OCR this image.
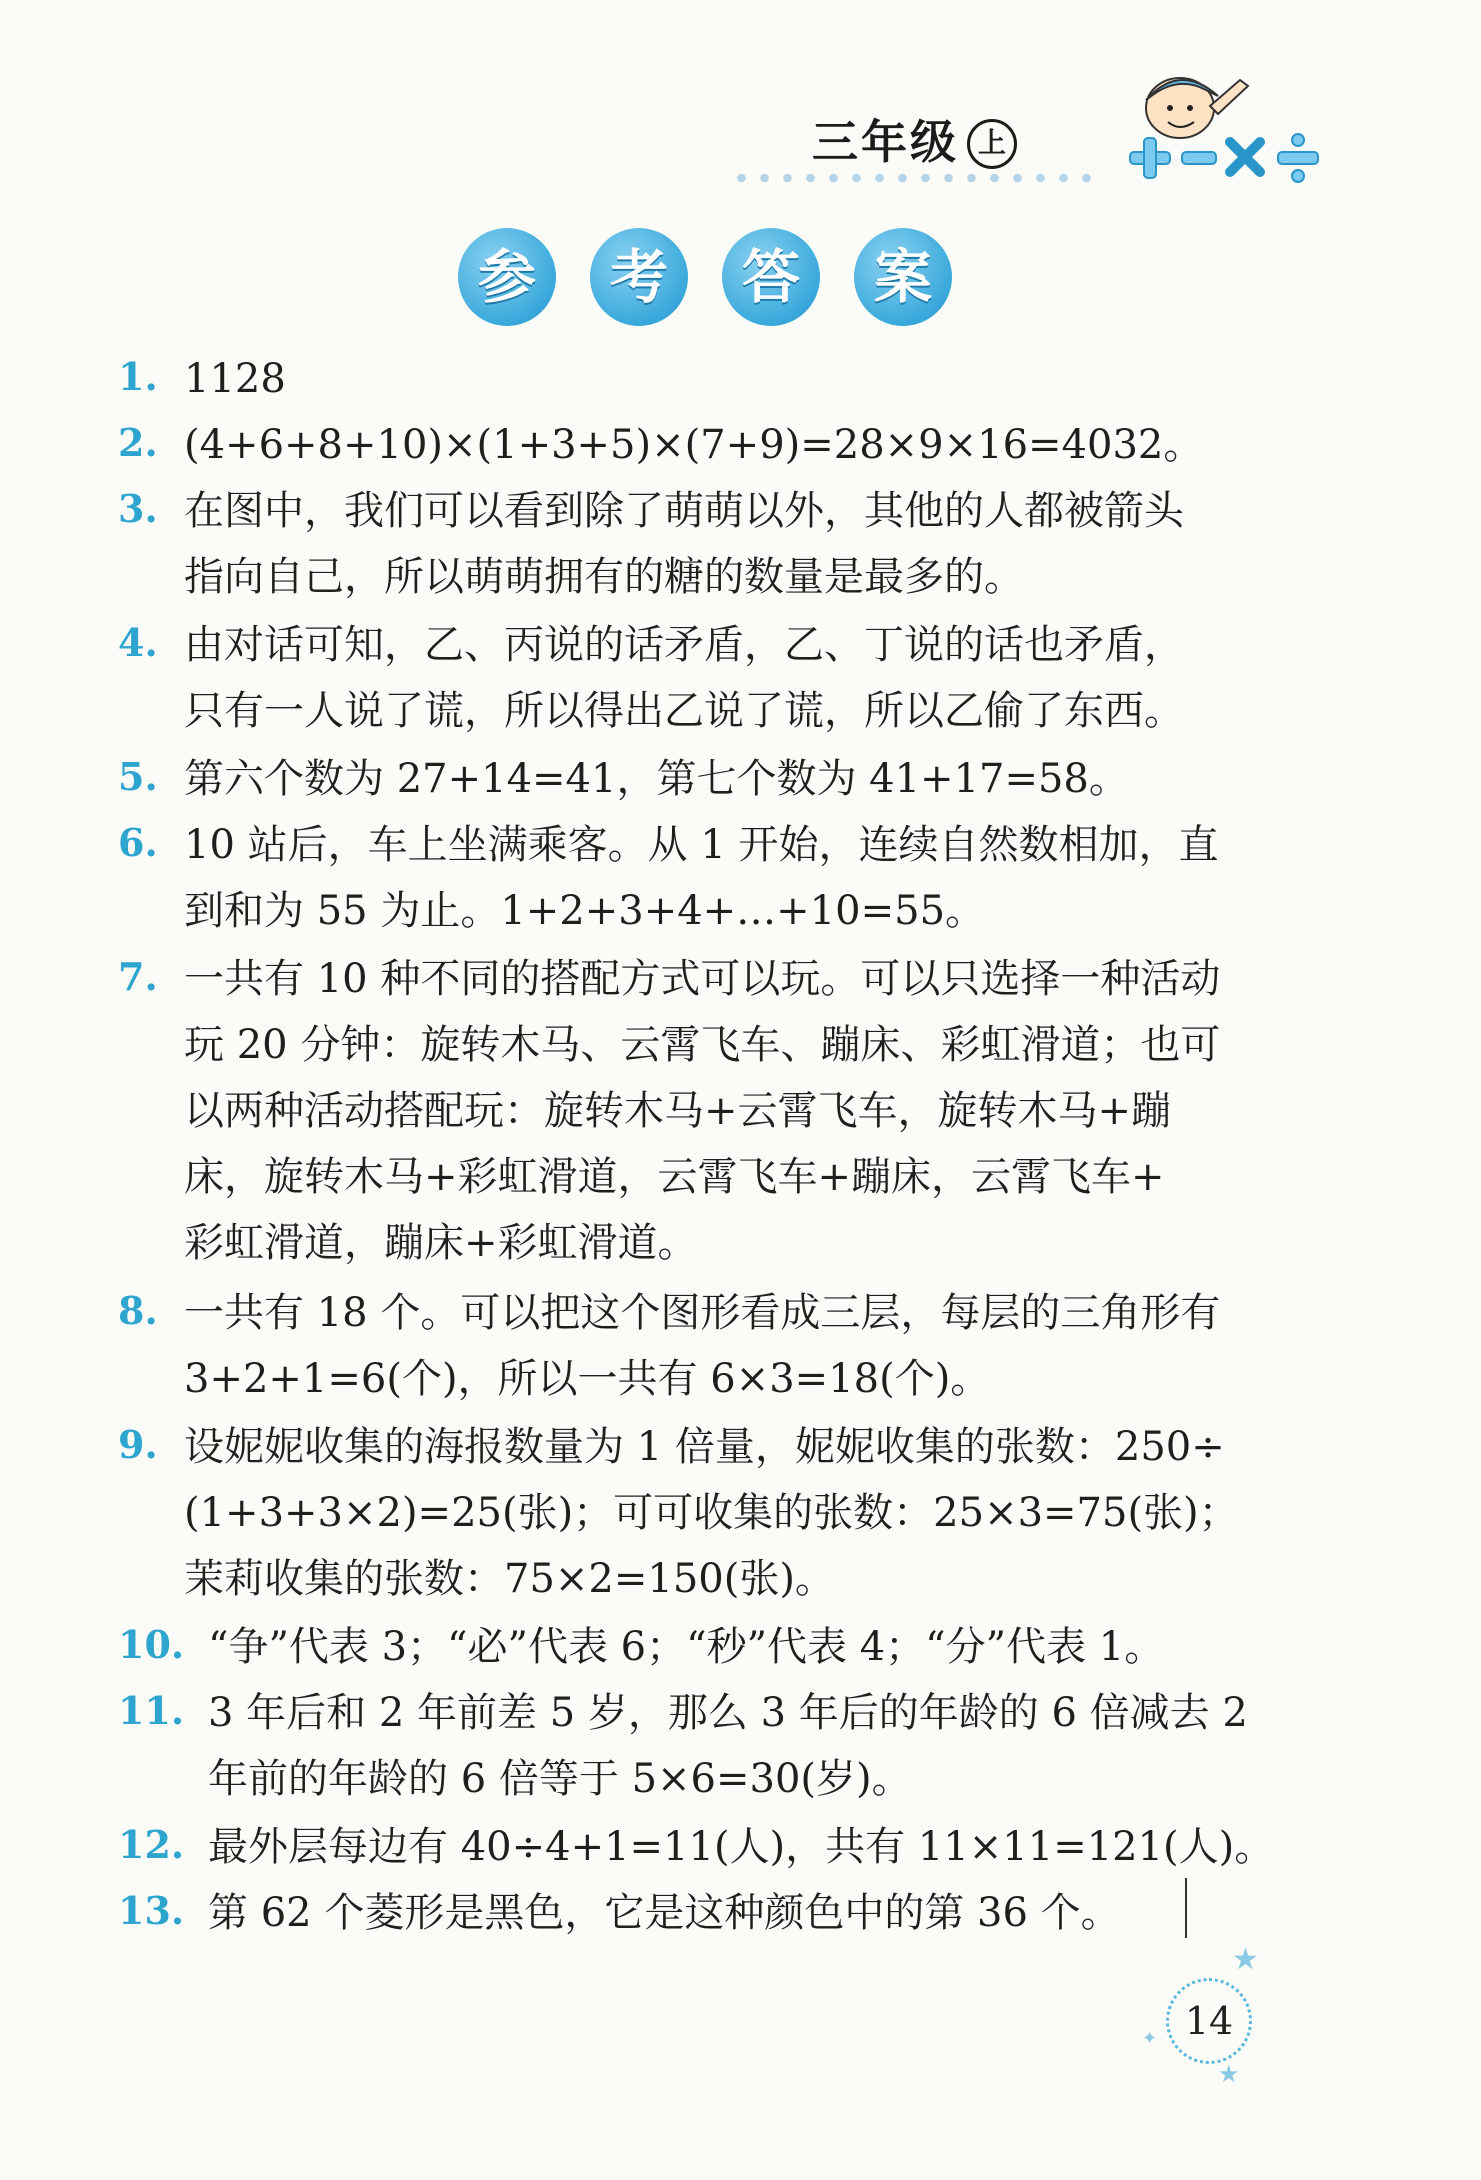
三年级 上
参	考	答	案
1. 1128
2. (4+6+8+10)×(1+3+5)×(7+9)=28×9×16=4032。
3. 在图中，我们可以看到除了萌萌以外，其他的人都被箭头
指向自己，所以萌萌拥有的糖的数量是最多的。
4. 由对话可知，乙、丙说的话矛盾，乙、丁说的话也矛盾，
只有一人说了谎，所以得出乙说了谎，所以乙偷了东西。
5. 第六个数为 27+14=41，第七个数为 41+17=58。
6. 10 站后，车上坐满乘客。从 1 开始，连续自然数相加，直
到和为 55 为止。1+2+3+4+…+10=55。
7. 一共有 10 种不同的搭配方式可以玩。可以只选择一种活动
玩 20 分钟：旋转木马、云霄飞车、蹦床、彩虹滑道；也可
以两种活动搭配玩：旋转木马+云霄飞车，旋转木马+蹦
床，旋转木马+彩虹滑道，云霄飞车+蹦床，云霄飞车+
彩虹滑道，蹦床+彩虹滑道。
8. 一共有 18 个。可以把这个图形看成三层，每层的三角形有
3+2+1=6(个)，所以一共有 6×3=18(个)。
9. 设妮妮收集的海报数量为 1 倍量，妮妮收集的张数：250÷
(1+3+3×2)=25(张)；可可收集的张数：25×3=75(张)；
茉莉收集的张数：75×2=150(张)。
10. “争”代表 3；“必”代表 6；“秒”代表 4；“分”代表 1。
11. 3 年后和 2 年前差 5 岁，那么 3 年后的年龄的 6 倍减去 2
年前的年龄的 6 倍等于 5×6=30(岁)。
12. 最外层每边有 40÷4+1=11(人)，共有 11×11=121(人)。
13. 第 62 个菱形是黑色，它是这种颜色中的第 36 个。
★
✦
★
14
